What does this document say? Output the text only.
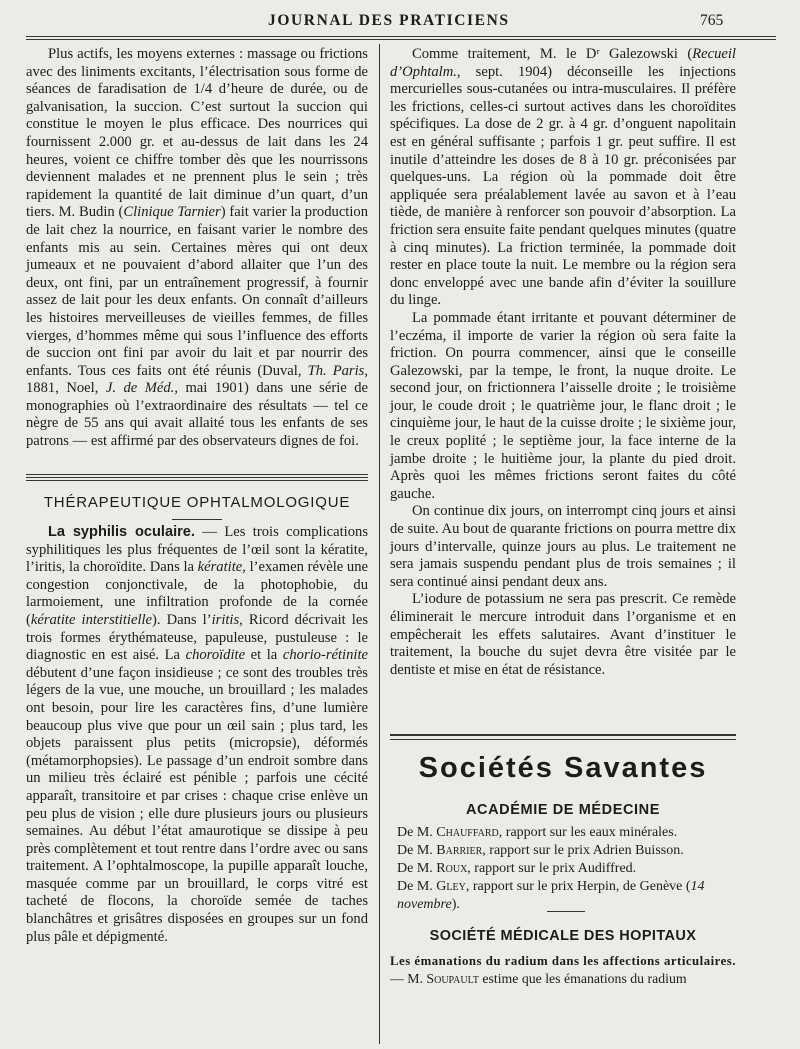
JOURNAL DES PRATICIENS	765

Plus actifs, les moyens externes : massage ou frictions avec des liniments excitants, l’électrisation sous forme de séances de faradisation de 1/4 d’heure de durée, ou de galvanisation, la succion. C’est surtout la succion qui constitue le moyen le plus efficace. Des nourrices qui fournissent 2.000 gr. et au-dessus de lait dans les 24 heures, voient ce chiffre tomber dès que les nourrissons deviennent malades et ne prennent plus le sein ; très rapidement la quantité de lait diminue d’un quart, d’un tiers. M. Budin (Clinique Tarnier) fait varier la production de lait chez la nourrice, en faisant varier le nombre des enfants mis au sein. Certaines mères qui ont deux jumeaux et ne pouvaient d’abord allaiter que l’un des deux, ont fini, par un entraînement progressif, à fournir assez de lait pour les deux enfants. On connaît d’ailleurs les histoires merveilleuses de vieilles femmes, de filles vierges, d’hommes même qui sous l’influence des efforts de succion ont fini par avoir du lait et par nourrir des enfants. Tous ces faits ont été réunis (Duval, Th. Paris, 1881, Noel, J. de Méd., mai 1901) dans une série de monographies où l’extraordinaire des résultats — tel ce nègre de 55 ans qui avait allaité tous les enfants de ses patrons — est affirmé par des observateurs dignes de foi.

THÉRAPEUTIQUE OPHTALMOLOGIQUE

La syphilis oculaire. — Les trois complications syphilitiques les plus fréquentes de l’œil sont la kératite, l’iritis, la choroïdite. Dans la kératite, l’examen révèle une congestion conjonctivale, de la photophobie, du larmoiement, une infiltration profonde de la cornée (kératite interstitielle). Dans l’iritis, Ricord décrivait les trois formes érythémateuse, papuleuse, pustuleuse : le diagnostic en est aisé. La choroïdite et la chorio-rétinite débutent d’une façon insidieuse ; ce sont des troubles très légers de la vue, une mouche, un brouillard ; les malades ont besoin, pour lire les caractères fins, d’une lumière beaucoup plus vive que pour un œil sain ; plus tard, les objets paraissent plus petits (micropsie), déformés (métamorphopsies). Le passage d’un endroit sombre dans un milieu très éclairé est pénible ; parfois une cécité apparaît, transitoire et par crises : chaque crise enlève un peu plus de vision ; elle dure plusieurs jours ou plusieurs semaines. Au début l’état amaurotique se dissipe à peu près complètement et tout rentre dans l’ordre avec ou sans traitement. A l’ophtalmoscope, la pupille apparaît louche, masquée comme par un brouillard, le corps vitré est tacheté de flocons, la choroïde semée de taches blanchâtres et grisâtres disposées en groupes sur un fond plus pâle et dépigmenté.

Comme traitement, M. le Dʳ Galezowski (Recueil d’Ophtalm., sept. 1904) déconseille les injections mercurielles sous-cutanées ou intra-musculaires. Il préfère les frictions, celles-ci surtout actives dans les choroïdites spécifiques. La dose de 2 gr. à 4 gr. d’onguent napolitain est en général suffisante ; parfois 1 gr. peut suffire. Il est inutile d’atteindre les doses de 8 à 10 gr. préconisées par quelques-uns. La région où la pommade doit être appliquée sera préalablement lavée au savon et à l’eau tiède, de manière à renforcer son pouvoir d’absorption. La friction sera ensuite faite pendant quelques minutes (quatre à cinq minutes). La friction terminée, la pommade doit rester en place toute la nuit. Le membre ou la région sera donc enveloppé avec une bande afin d’éviter la souillure du linge.

La pommade étant irritante et pouvant déterminer de l’eczéma, il importe de varier la région où sera faite la friction. On pourra commencer, ainsi que le conseille Galezowski, par la tempe, le front, la nuque droite. Le second jour, on frictionnera l’aisselle droite ; le troisième jour, le coude droit ; le quatrième jour, le flanc droit ; le cinquième jour, le haut de la cuisse droite ; le sixième jour, le creux poplité ; le septième jour, la face interne de la jambe droite ; le huitième jour, la plante du pied droit. Après quoi les mêmes frictions seront faites du côté gauche.

On continue dix jours, on interrompt cinq jours et ainsi de suite. Au bout de quarante frictions on pourra mettre dix jours d’intervalle, quinze jours au plus. Le traitement ne sera jamais suspendu pendant plus de trois semaines ; il sera continué ainsi pendant deux ans.

L’iodure de potassium ne sera pas prescrit. Ce remède éliminerait le mercure introduit dans l’organisme et en empêcherait les effets salutaires. Avant d’instituer le traitement, la bouche du sujet devra être visitée par le dentiste et mise en état de résistance.

Sociétés Savantes
ACADÉMIE DE MÉDECINE
De M. Chauffard, rapport sur les eaux minérales.
De M. Barrier, rapport sur le prix Adrien Buisson.
De M. Roux, rapport sur le prix Audiffred.
De M. Gley, rapport sur le prix Herpin, de Genève (14 novembre).
SOCIÉTÉ MÉDICALE DES HOPITAUX
Les émanations du radium dans les affections articulaires. — M. Soupault estime que les émanations du radium
